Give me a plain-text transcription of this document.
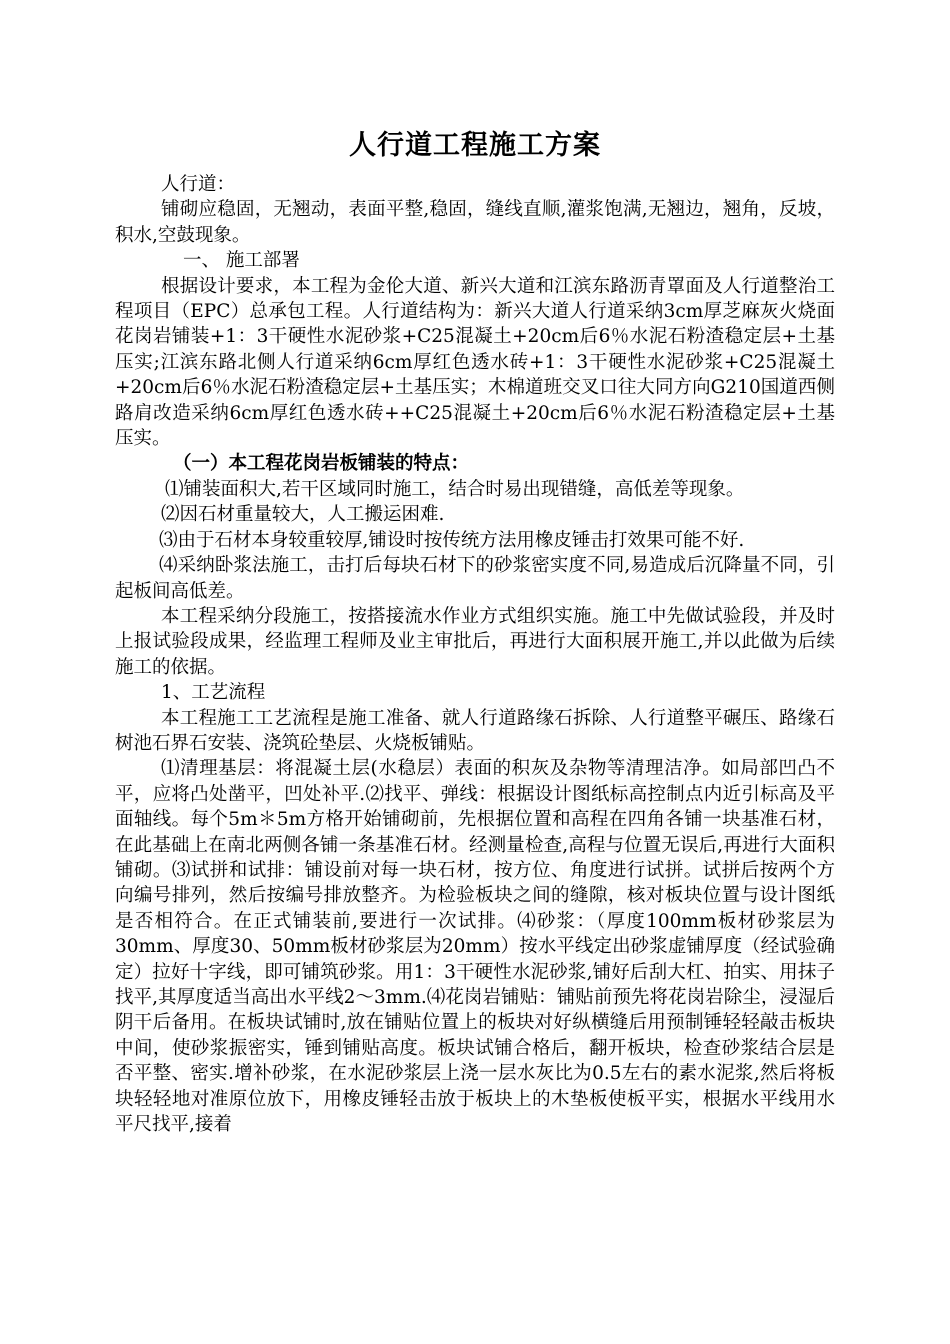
人行道工程施工方案

人行道：

铺砌应稳固，无翘动，表面平整,稳固，缝线直顺,灌浆饱满,无翘边，翘角，反坡，积水,空鼓现象。

一、 施工部署

根据设计要求，本工程为金伦大道、新兴大道和江滨东路沥青罩面及人行道整治工程项目（EPC）总承包工程。人行道结构为：新兴大道人行道采纳3cm厚芝麻灰火烧面花岗岩铺装+1：3干硬性水泥砂浆+C25混凝土+20cm后6％水泥石粉渣稳定层+土基压实;江滨东路北侧人行道采纳6cm厚红色透水砖+1：3干硬性水泥砂浆+C25混凝土+20cm后6％水泥石粉渣稳定层+土基压实；木棉道班交叉口往大同方向G210国道西侧路肩改造采纳6cm厚红色透水砖++C25混凝土+20cm后6％水泥石粉渣稳定层+土基压实。

（一）本工程花岗岩板铺装的特点：

⑴铺装面积大,若干区域同时施工，结合时易出现错缝，高低差等现象。

⑵因石材重量较大，人工搬运困难.

⑶由于石材本身较重较厚,铺设时按传统方法用橡皮锤击打效果可能不好.

⑷采纳卧浆法施工，击打后每块石材下的砂浆密实度不同,易造成后沉降量不同，引起板间高低差。

本工程采纳分段施工，按搭接流水作业方式组织实施。施工中先做试验段，并及时上报试验段成果，经监理工程师及业主审批后，再进行大面积展开施工,并以此做为后续施工的依据。

1、工艺流程

本工程施工工艺流程是施工准备、就人行道路缘石拆除、人行道整平碾压、路缘石树池石界石安装、浇筑砼垫层、火烧板铺贴。

⑴清理基层：将混凝土层(水稳层）表面的积灰及杂物等清理洁净。如局部凹凸不平，应将凸处凿平，凹处补平.⑵找平、弹线：根据设计图纸标高控制点内近引标高及平面轴线。每个5m＊5m方格开始铺砌前，先根据位置和高程在四角各铺一块基准石材，在此基础上在南北两侧各铺一条基准石材。经测量检查,高程与位置无误后,再进行大面积铺砌。⑶试拼和试排：铺设前对每一块石材，按方位、角度进行试拼。试拼后按两个方向编号排列，然后按编号排放整齐。为检验板块之间的缝隙，核对板块位置与设计图纸是否相符合。在正式铺装前,要进行一次试排。⑷砂浆：（厚度100mm板材砂浆层为30mm、厚度30、50mm板材砂浆层为20mm）按水平线定出砂浆虚铺厚度（经试验确定）拉好十字线，即可铺筑砂浆。用1：3干硬性水泥砂浆,铺好后刮大杠、拍实、用抹子找平,其厚度适当高出水平线2～3mm.⑷花岗岩铺贴：铺贴前预先将花岗岩除尘，浸湿后阴干后备用。在板块试铺时,放在铺贴位置上的板块对好纵横缝后用预制锤轻轻敲击板块中间，使砂浆振密实，锤到铺贴高度。板块试铺合格后，翻开板块，检查砂浆结合层是否平整、密实.增补砂浆，在水泥砂浆层上浇一层水灰比为0.5左右的素水泥浆,然后将板块轻轻地对准原位放下，用橡皮锤轻击放于板块上的木垫板使板平实，根据水平线用水平尺找平,接着
